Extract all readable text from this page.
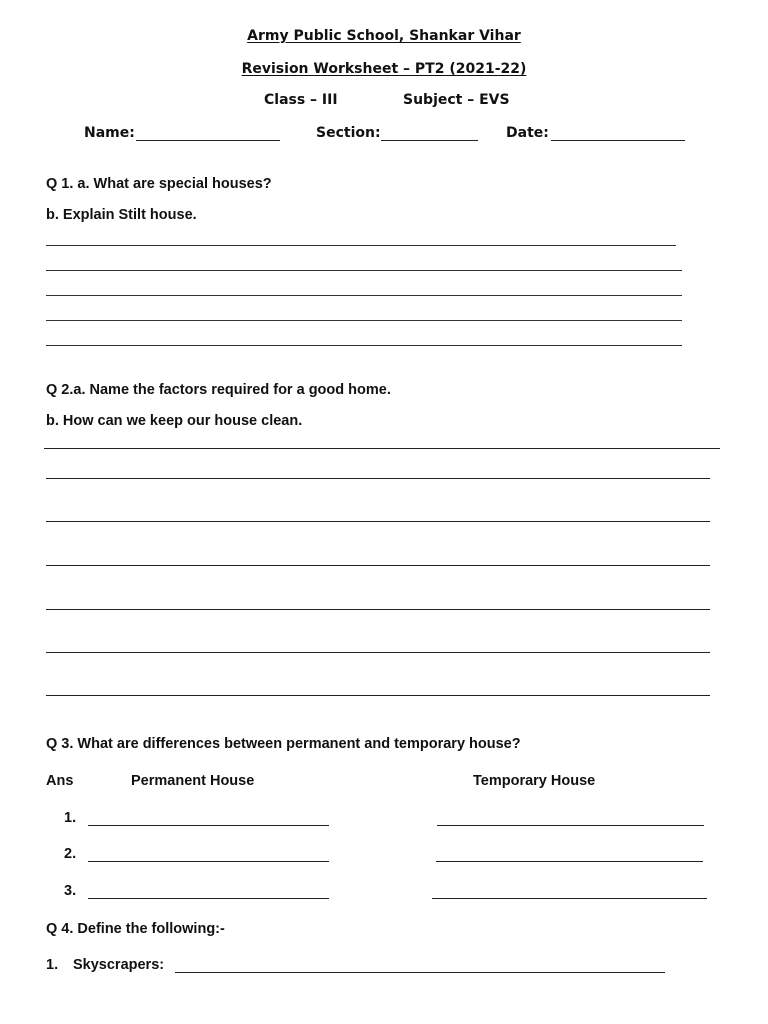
Army Public School, Shankar Vihar
Revision Worksheet – PT2 (2021-22)
Class – III	Subject – EVS
Name:	Section:	Date:
Q 1. a. What are special houses?
b. Explain Stilt house.
Q 2.a. Name the factors required for a good home.
b. How can we keep our house clean.
Q 3. What are differences between permanent and temporary house?
Ans	Permanent House	Temporary House
1.
2.
3.
Q 4. Define the following:-
1. Skyscrapers:
